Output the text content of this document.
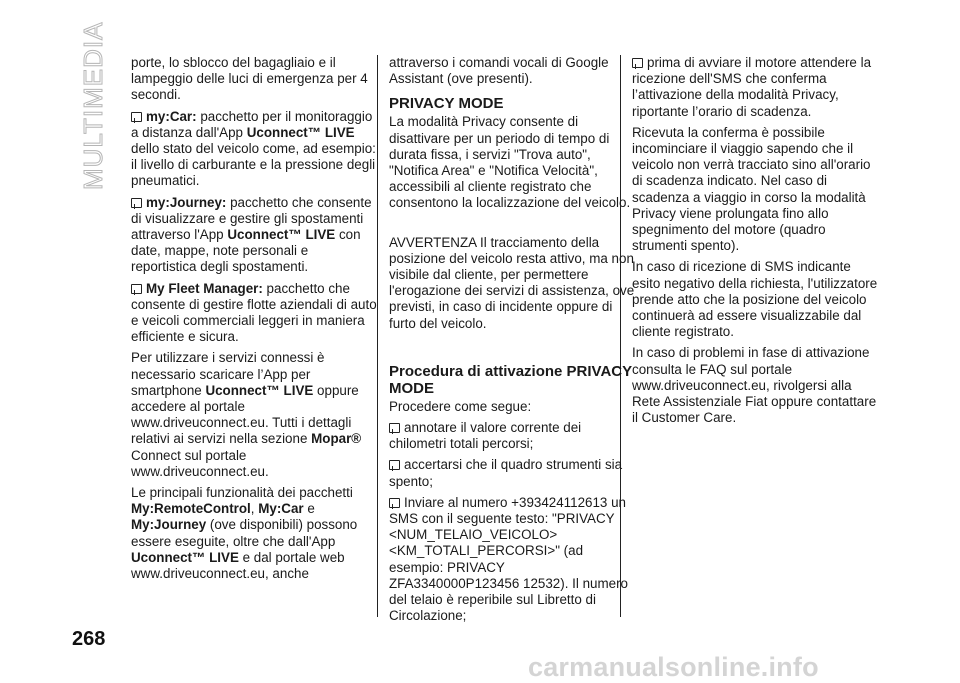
MULTIMEDIA porte, lo sblocco del bagagliaio e il lampeggio delle luci di emergenza per 4 secondi.

my:Car: pacchetto per il monitoraggio a distanza dall'App Uconnect™ LIVE dello stato del veicolo come, ad esempio: il livello di carburante e la pressione degli pneumatici.

my:Journey: pacchetto che consente di visualizzare e gestire gli spostamenti attraverso l'App Uconnect™ LIVE con date, mappe, note personali e reportistica degli spostamenti.

My Fleet Manager: pacchetto che consente di gestire flotte aziendali di auto e veicoli commerciali leggeri in maniera efficiente e sicura.

Per utilizzare i servizi connessi è necessario scaricare l’App per smartphone Uconnect™ LIVE oppure accedere al portale www.driveuconnect.eu. Tutti i dettagli relativi ai servizi nella sezione Mopar® Connect sul portale www.driveuconnect.eu.

Le principali funzionalità dei pacchetti My:RemoteControl, My:Car e My:Journey (ove disponibili) possono essere eseguite, oltre che dall'App Uconnect™ LIVE e dal portale web www.driveuconnect.eu, anche

attraverso i comandi vocali di Google Assistant (ove presenti).

PRIVACY MODE

La modalità Privacy consente di disattivare per un periodo di tempo di durata fissa, i servizi "Trova auto", "Notifica Area" e "Notifica Velocità", accessibili al cliente registrato che consentono la localizzazione del veicolo.

AVVERTENZA Il tracciamento della posizione del veicolo resta attivo, ma non visibile dal cliente, per permettere l'erogazione dei servizi di assistenza, ove previsti, in caso di incidente oppure di furto del veicolo.

Procedura di attivazione PRIVACY MODE

Procedere come segue:

annotare il valore corrente dei chilometri totali percorsi;

accertarsi che il quadro strumenti sia spento;

Inviare al numero +393424112613 un SMS con il seguente testo: "PRIVACY <NUM_TELAIO_VEICOLO> <KM_TOTALI_PERCORSI>" (ad esempio: PRIVACY ZFA3340000P123456 12532). Il numero del telaio è reperibile sul Libretto di Circolazione;

prima di avviare il motore attendere la ricezione dell'SMS che conferma l’attivazione della modalità Privacy, riportante l’orario di scadenza.

Ricevuta la conferma è possibile incominciare il viaggio sapendo che il veicolo non verrà tracciato sino all'orario di scadenza indicato. Nel caso di scadenza a viaggio in corso la modalità Privacy viene prolungata fino allo spegnimento del motore (quadro strumenti spento).

In caso di ricezione di SMS indicante esito negativo della richiesta, l'utilizzatore prende atto che la posizione del veicolo continuerà ad essere visualizzabile dal cliente registrato.

In caso di problemi in fase di attivazione consulta le FAQ sul portale www.driveuconnect.eu, rivolgersi alla Rete Assistenziale Fiat oppure contattare il Customer Care.

268
carmanualsonline.info
